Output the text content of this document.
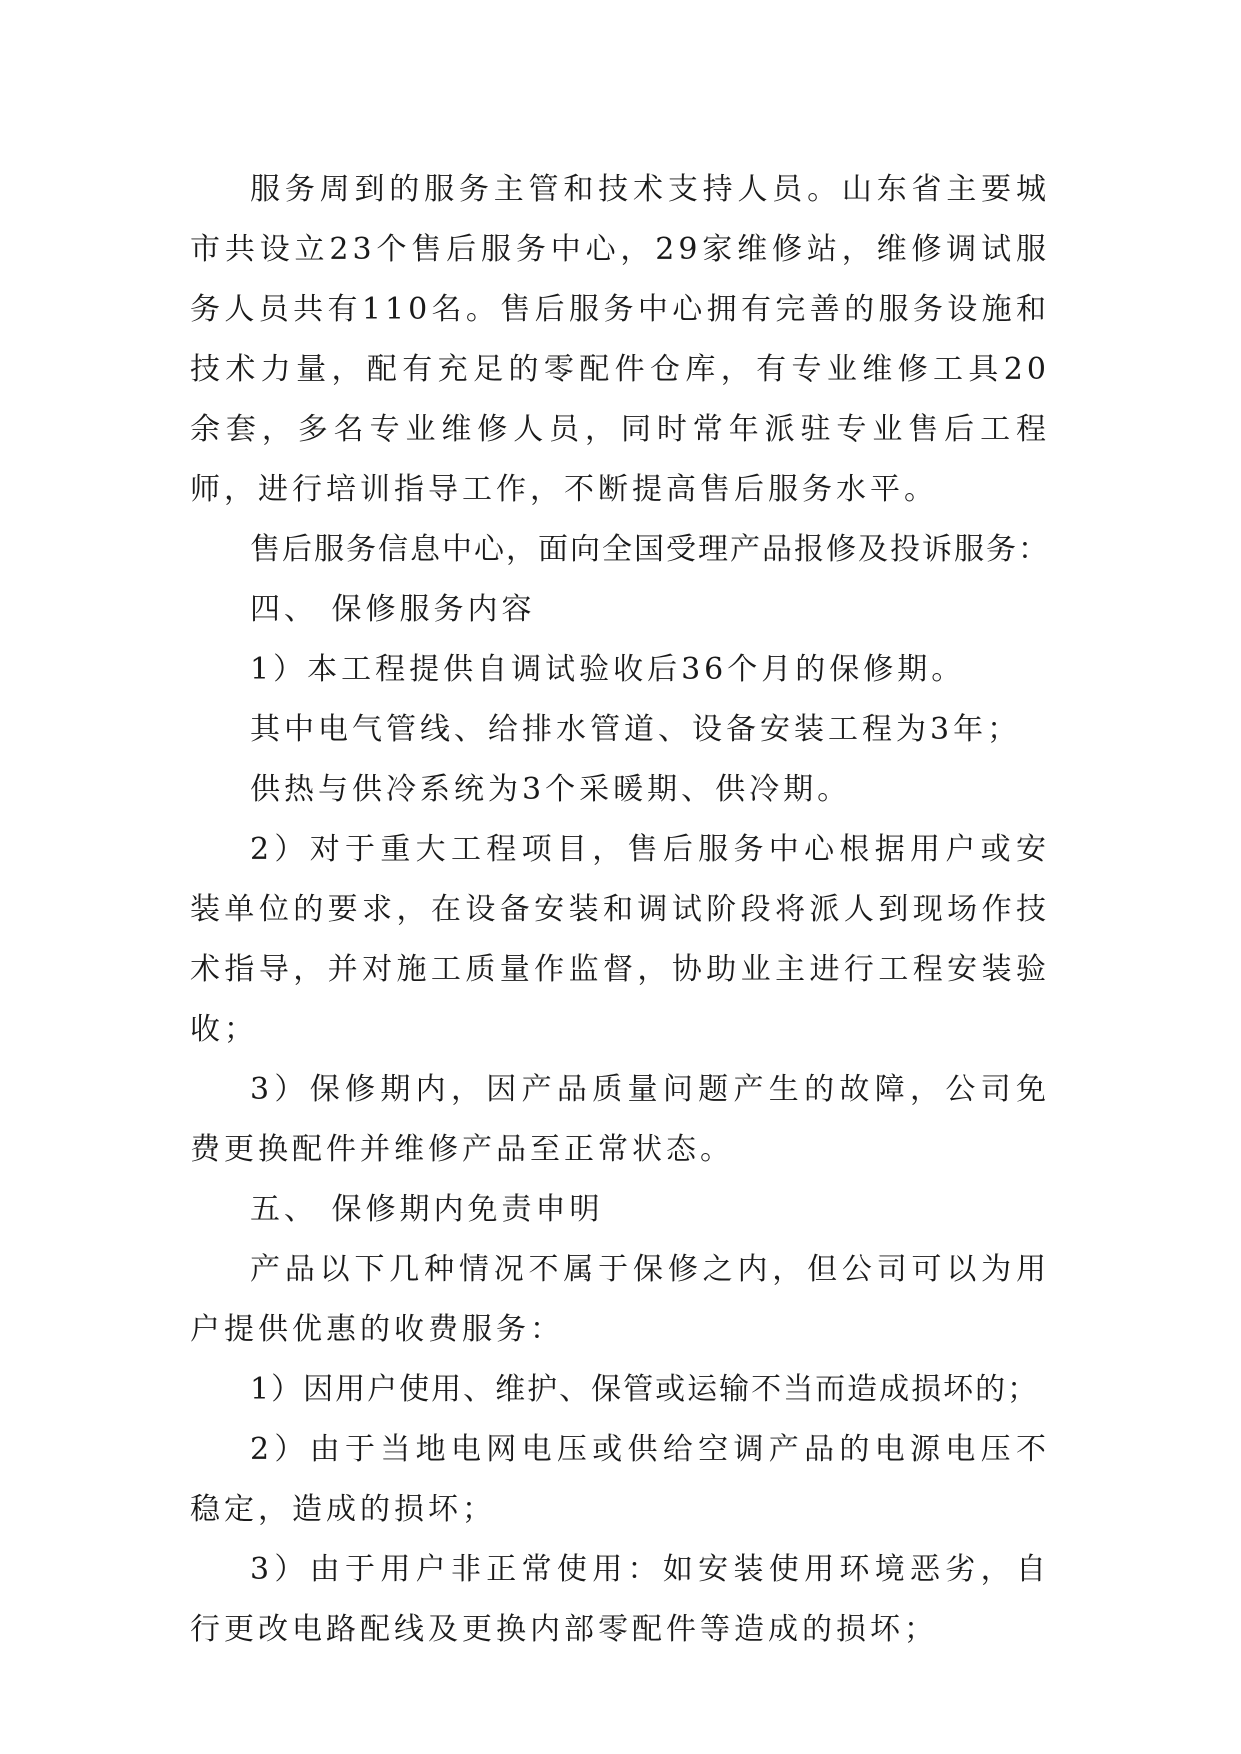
服务周到的服务主管和技术支持人员。山东省主要城市共设立23个售后服务中心，29家维修站，维修调试服务人员共有110名。售后服务中心拥有完善的服务设施和技术力量，配有充足的零配件仓库，有专业维修工具20余套，多名专业维修人员，同时常年派驻专业售后工程师，进行培训指导工作，不断提高售后服务水平。

售后服务信息中心，面向全国受理产品报修及投诉服务：

四、 保修服务内容

1）本工程提供自调试验收后36个月的保修期。

其中电气管线、给排水管道、设备安装工程为3年；

供热与供冷系统为3个采暖期、供冷期。

2）对于重大工程项目，售后服务中心根据用户或安装单位的要求，在设备安装和调试阶段将派人到现场作技术指导，并对施工质量作监督，协助业主进行工程安装验收；

3）保修期内，因产品质量问题产生的故障，公司免费更换配件并维修产品至正常状态。

五、 保修期内免责申明

产品以下几种情况不属于保修之内，但公司可以为用户提供优惠的收费服务：

1）因用户使用、维护、保管或运输不当而造成损坏的；

2）由于当地电网电压或供给空调产品的电源电压不稳定，造成的损坏；

3）由于用户非正常使用：如安装使用环境恶劣，自行更改电路配线及更换内部零配件等造成的损坏；
